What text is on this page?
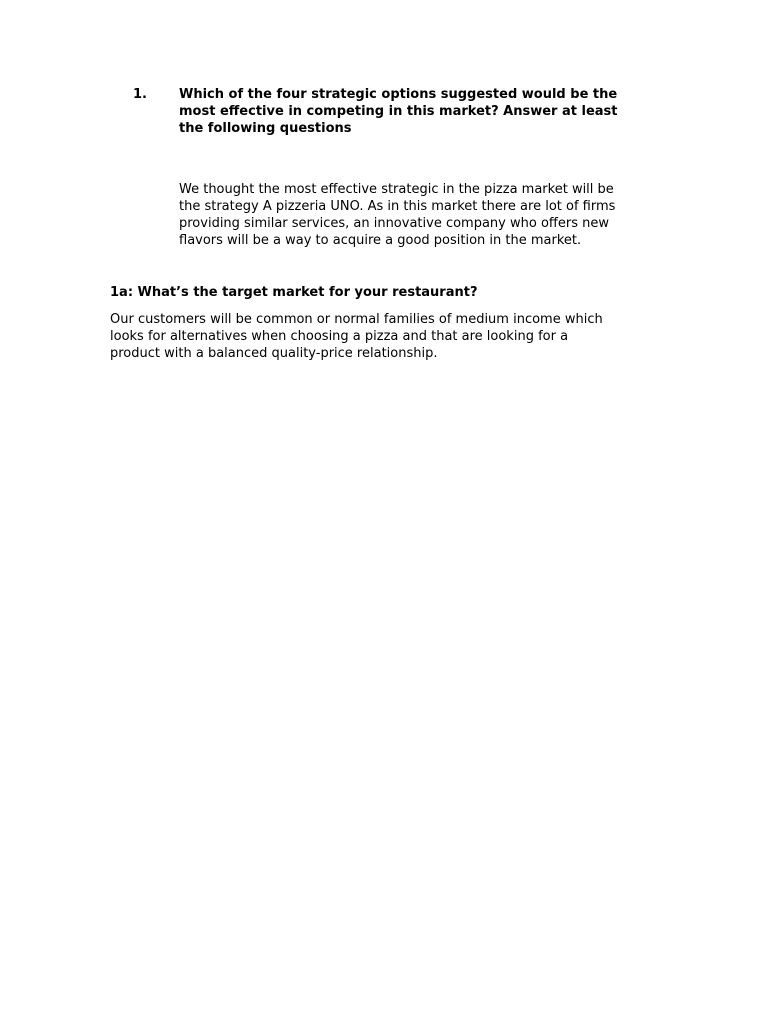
1. Which of the four strategic options suggested would be the
most effective in competing in this market? Answer at least
the following questions
We thought the most effective strategic in the pizza market will be
the strategy A pizzeria UNO. As in this market there are lot of firms
providing similar services, an innovative company who offers new
flavors will be a way to acquire a good position in the market.
1a: What’s the target market for your restaurant?
Our customers will be common or normal families of medium income which
looks for alternatives when choosing a pizza and that are looking for a
product with a balanced quality-price relationship.
